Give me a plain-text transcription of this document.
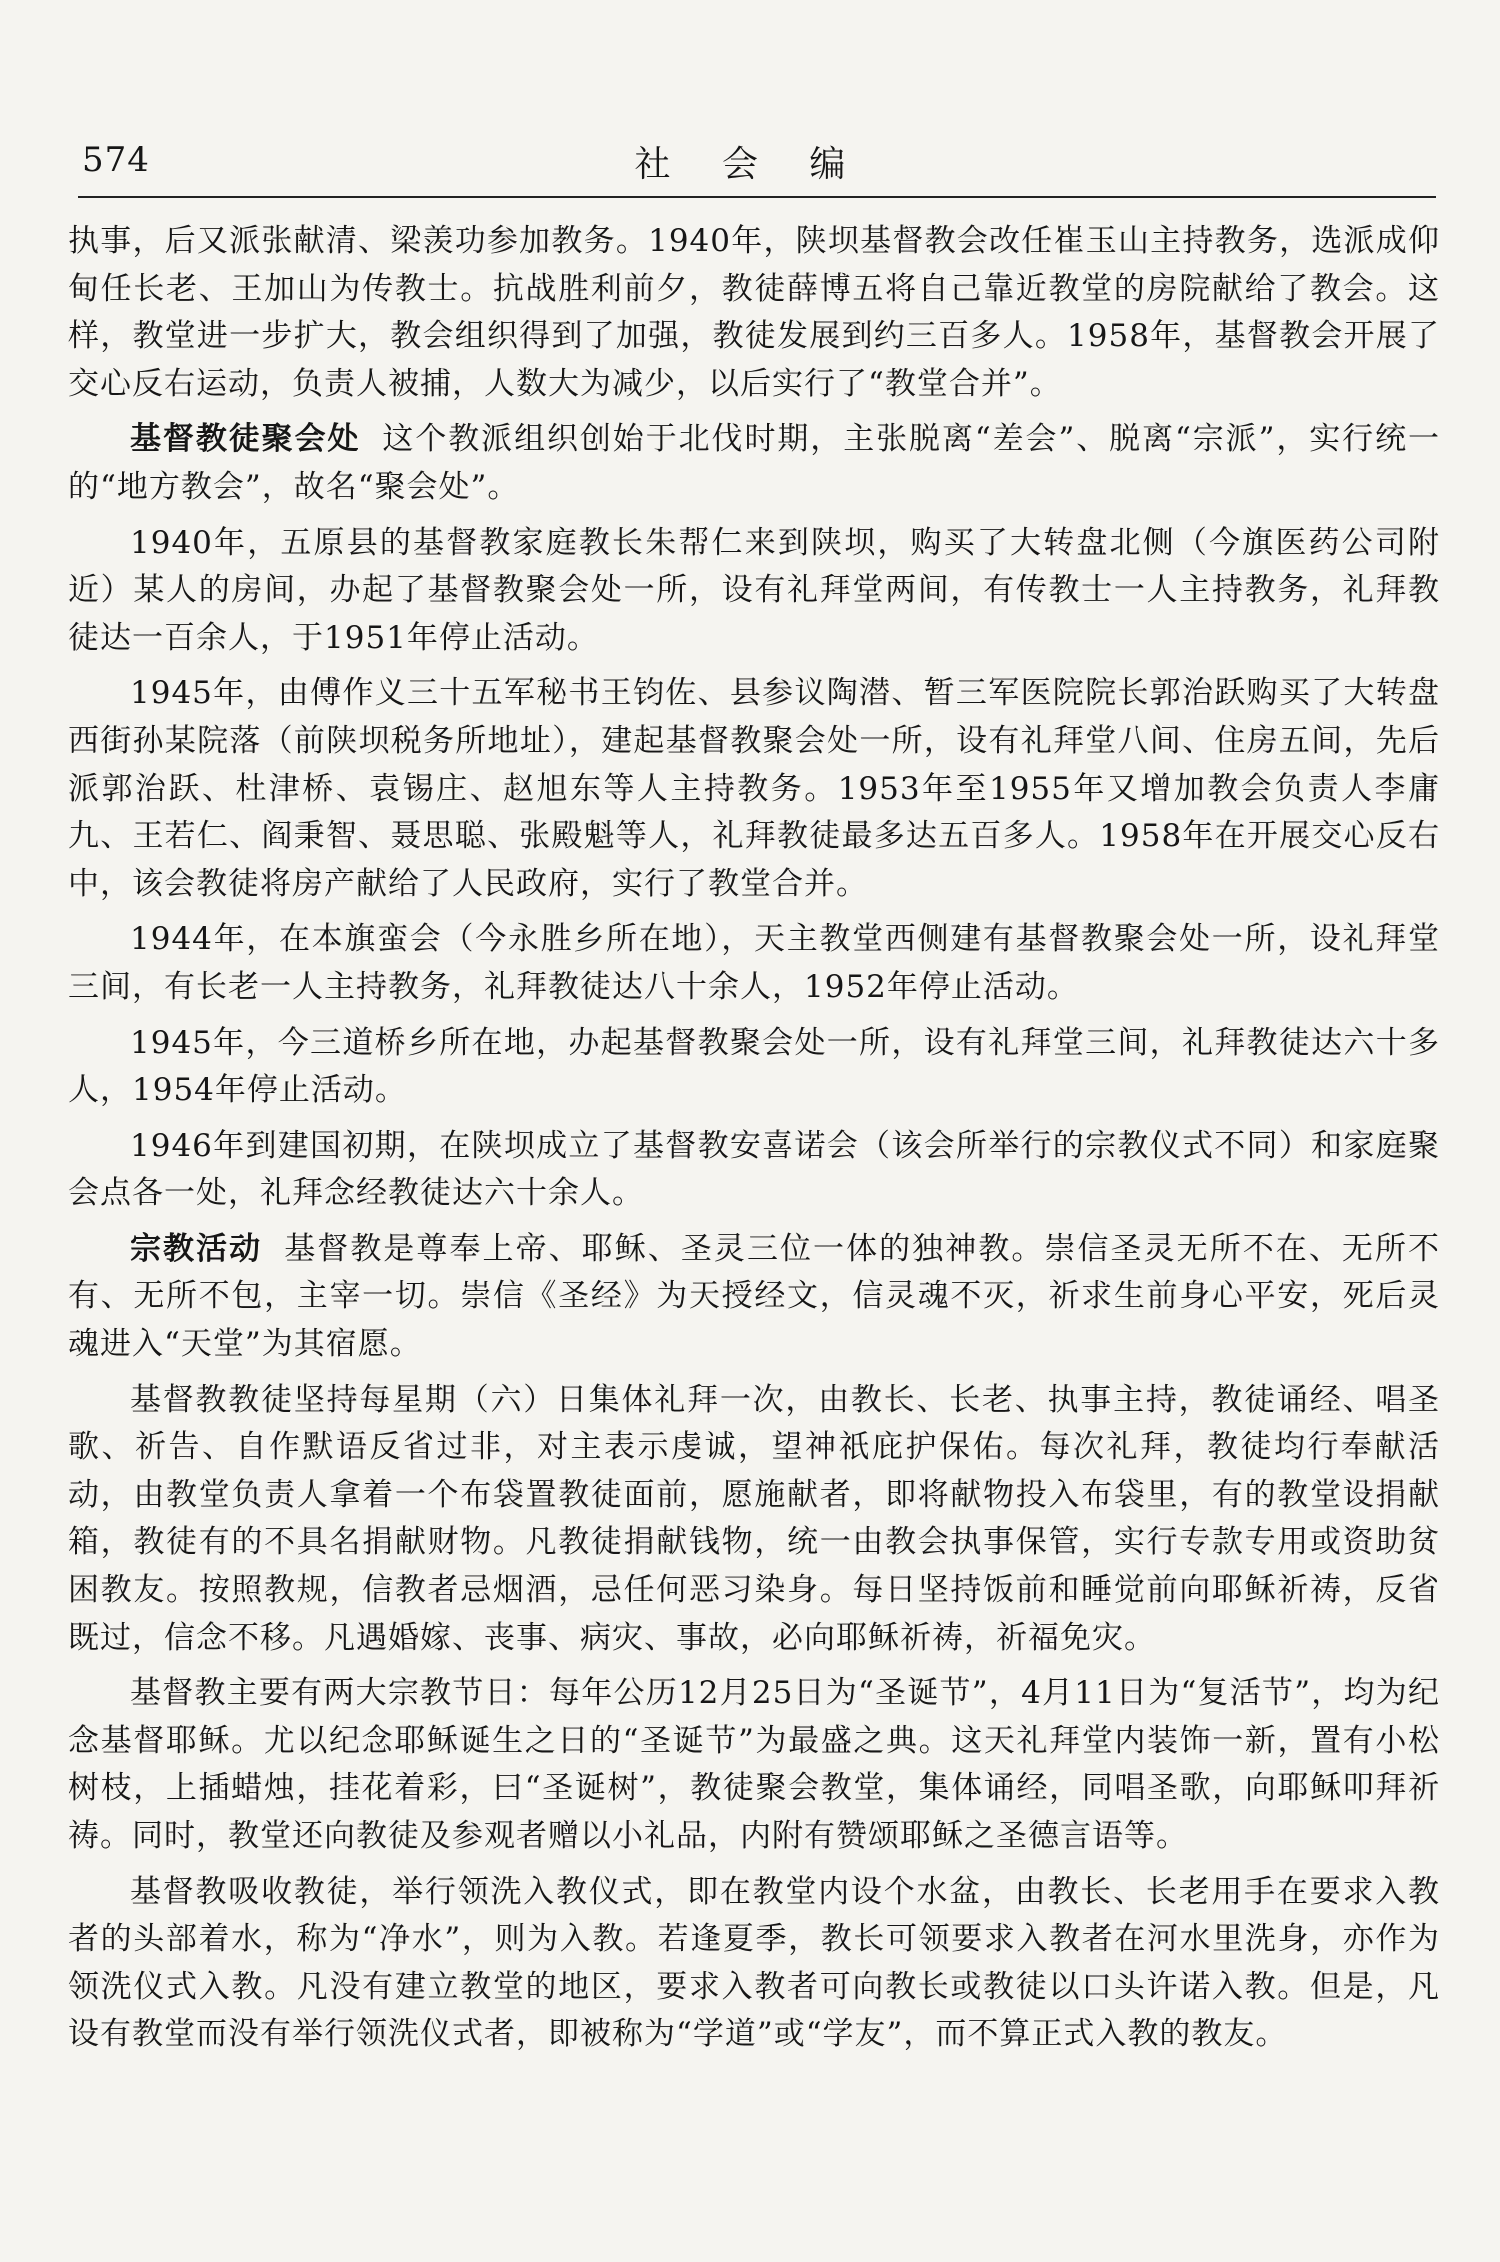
574	社 会 编

执事，后又派张献清、梁羡功参加教务。1940年，陕坝基督教会改任崔玉山主持教务，选派成仰甸任长老、王加山为传教士。抗战胜利前夕，教徒薛博五将自己靠近教堂的房院献给了教会。这样，教堂进一步扩大，教会组织得到了加强，教徒发展到约三百多人。1958年，基督教会开展了交心反右运动，负责人被捕，人数大为减少，以后实行了“教堂合并”。

基督教徒聚会处 这个教派组织创始于北伐时期，主张脱离“差会”、脱离“宗派”，实行统一的“地方教会”，故名“聚会处”。

1940年，五原县的基督教家庭教长朱帮仁来到陕坝，购买了大转盘北侧（今旗医药公司附近）某人的房间，办起了基督教聚会处一所，设有礼拜堂两间，有传教士一人主持教务，礼拜教徒达一百余人，于1951年停止活动。

1945年，由傅作义三十五军秘书王钧佐、县参议陶潜、暂三军医院院长郭治跃购买了大转盘西街孙某院落（前陕坝税务所地址），建起基督教聚会处一所，设有礼拜堂八间、住房五间，先后派郭治跃、杜津桥、袁锡庄、赵旭东等人主持教务。1953年至1955年又增加教会负责人李庸九、王若仁、阎秉智、聂思聪、张殿魁等人，礼拜教徒最多达五百多人。1958年在开展交心反右中，该会教徒将房产献给了人民政府，实行了教堂合并。

1944年，在本旗蛮会（今永胜乡所在地），天主教堂西侧建有基督教聚会处一所，设礼拜堂三间，有长老一人主持教务，礼拜教徒达八十余人，1952年停止活动。

1945年，今三道桥乡所在地，办起基督教聚会处一所，设有礼拜堂三间，礼拜教徒达六十多人，1954年停止活动。

1946年到建国初期，在陕坝成立了基督教安喜诺会（该会所举行的宗教仪式不同）和家庭聚会点各一处，礼拜念经教徒达六十余人。

宗教活动 基督教是尊奉上帝、耶稣、圣灵三位一体的独神教。崇信圣灵无所不在、无所不有、无所不包，主宰一切。崇信《圣经》为天授经文，信灵魂不灭，祈求生前身心平安，死后灵魂进入“天堂”为其宿愿。

基督教教徒坚持每星期（六）日集体礼拜一次，由教长、长老、执事主持，教徒诵经、唱圣歌、祈告、自作默语反省过非，对主表示虔诚，望神祇庇护保佑。每次礼拜，教徒均行奉献活动，由教堂负责人拿着一个布袋置教徒面前，愿施献者，即将献物投入布袋里，有的教堂设捐献箱，教徒有的不具名捐献财物。凡教徒捐献钱物，统一由教会执事保管，实行专款专用或资助贫困教友。按照教规，信教者忌烟酒，忌任何恶习染身。每日坚持饭前和睡觉前向耶稣祈祷，反省既过，信念不移。凡遇婚嫁、丧事、病灾、事故，必向耶稣祈祷，祈福免灾。

基督教主要有两大宗教节日：每年公历12月25日为“圣诞节”，4月11日为“复活节”，均为纪念基督耶稣。尤以纪念耶稣诞生之日的“圣诞节”为最盛之典。这天礼拜堂内装饰一新，置有小松树枝，上插蜡烛，挂花着彩，曰“圣诞树”，教徒聚会教堂，集体诵经，同唱圣歌，向耶稣叩拜祈祷。同时，教堂还向教徒及参观者赠以小礼品，内附有赞颂耶稣之圣德言语等。

基督教吸收教徒，举行领洗入教仪式，即在教堂内设个水盆，由教长、长老用手在要求入教者的头部着水，称为“净水”，则为入教。若逢夏季，教长可领要求入教者在河水里洗身，亦作为领洗仪式入教。凡没有建立教堂的地区，要求入教者可向教长或教徒以口头许诺入教。但是，凡设有教堂而没有举行领洗仪式者，即被称为“学道”或“学友”，而不算正式入教的教友。
